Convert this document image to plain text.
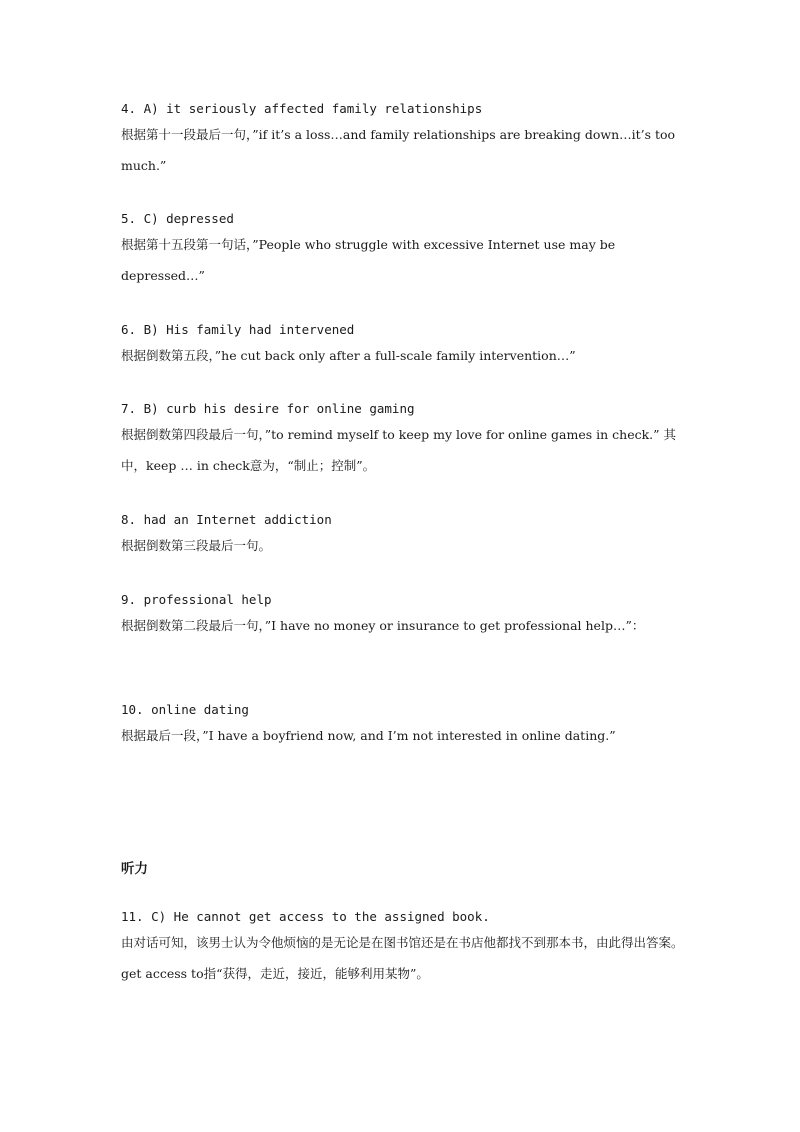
4. A) it seriously affected family relationships
根据第十一段最后一句，”if it’s a loss…and family relationships are breaking down…it’s too much.”
5. C) depressed
根据第十五段第一句话，”People who struggle with excessive Internet use may be depressed…”
6. B) His family had intervened
根据倒数第五段，”he cut back only after a full-scale family intervention…”
7. B) curb his desire for online gaming
根据倒数第四段最后一句，”to remind myself to keep my love for online games in check.” 其中，keep … in check意为，“制止；控制”。
8. had an Internet addiction
根据倒数第三段最后一句。
9. professional help
根据倒数第二段最后一句，”I have no money or insurance to get professional help…”：
10. online dating
根据最后一段，”I have a boyfriend now, and I’m not interested in online dating.”
听力
11. C) He cannot get access to the assigned book.
由对话可知，该男士认为令他烦恼的是无论是在图书馆还是在书店他都找不到那本书，由此得出答案。get access to指“获得，走近，接近，能够利用某物”。
